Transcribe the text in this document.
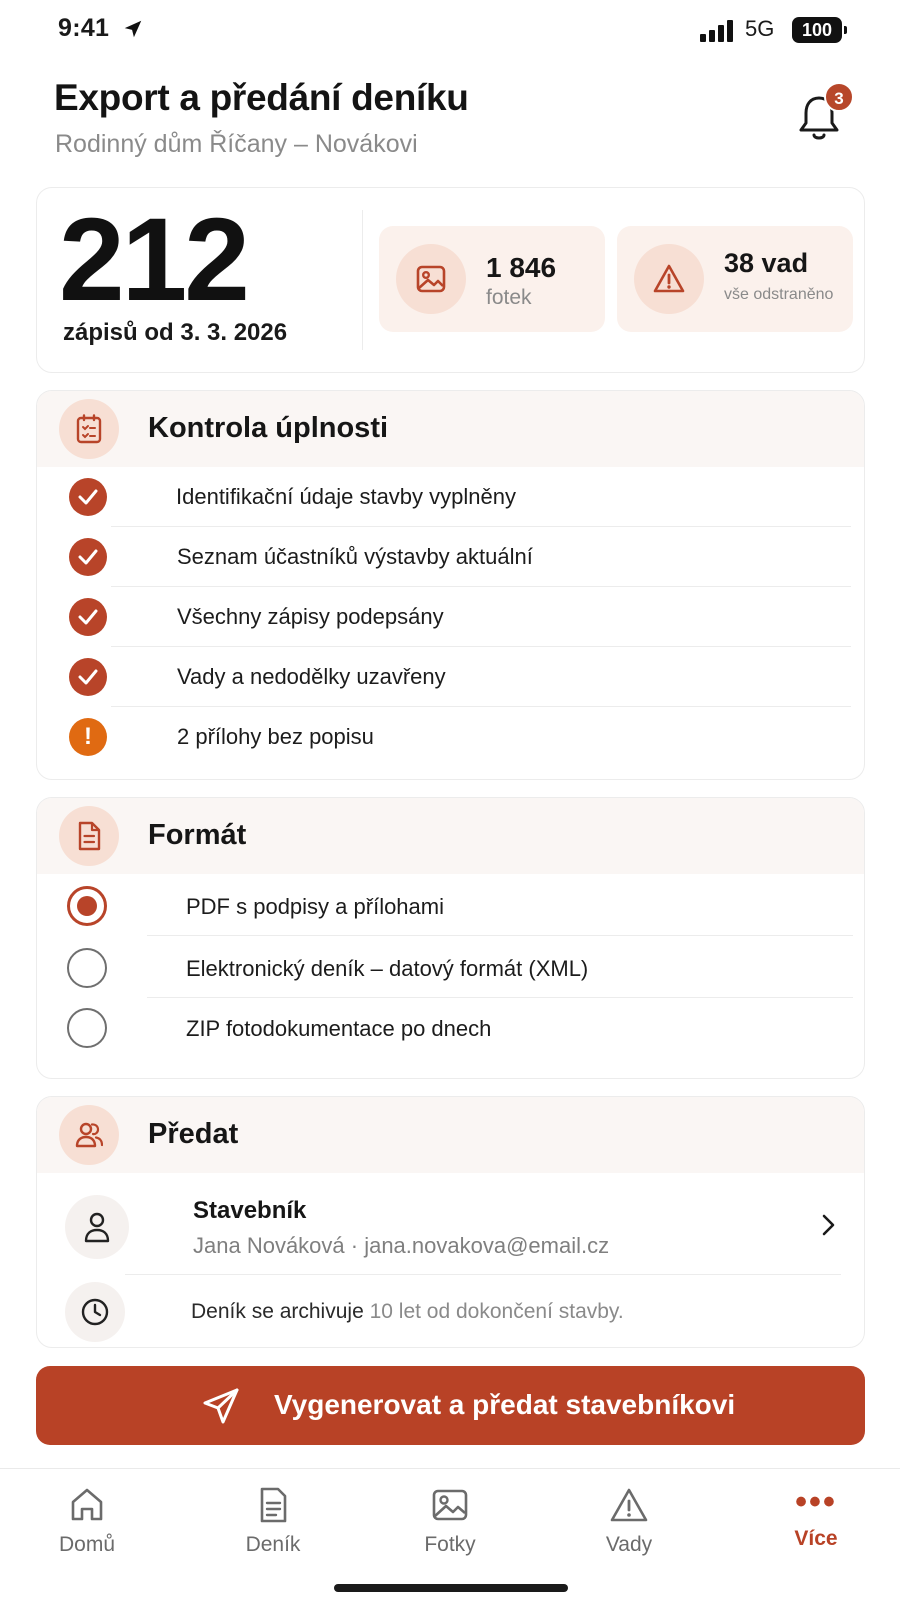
9:41	5G	100
Export a předání deníku
Rodinný dům Říčany – Novákovi
3
212
zápisů od 3. 3. 2026
1 846
fotek
38 vad
vše odstraněno
Kontrola úplnosti
Identifikační údaje stavby vyplněny
Seznam účastníků výstavby aktuální
Všechny zápisy podepsány
Vady a nedodělky uzavřeny
!	2 přílohy bez popisu
Formát
PDF s podpisy a přílohami
Elektronický deník – datový formát (XML)
ZIP fotodokumentace po dnech
Předat
Stavebník
Jana Nováková · jana.novakova@email.cz
Deník se archivuje 10 let od dokončení stavby.
Vygenerovat a předat stavebníkovi
Domů	Deník	Fotky	Vady
•••
Více
